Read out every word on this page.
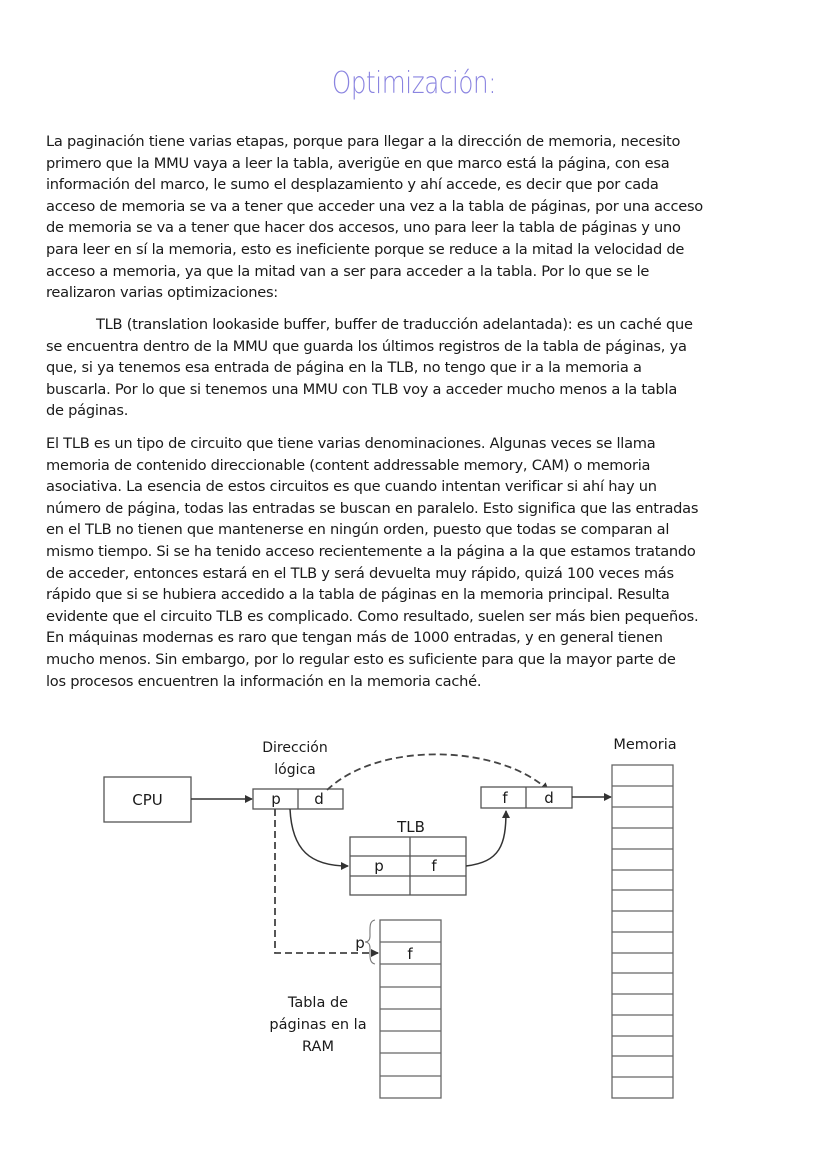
Optimización:
La paginación tiene varias etapas, porque para llegar a la dirección de memoria, necesito
primero que la MMU vaya a leer la tabla, averigüe en que marco está la página, con esa
información del marco, le sumo el desplazamiento y ahí accede, es decir que por cada
acceso de memoria se va a tener que acceder una vez a la tabla de páginas, por una acceso
de memoria se va a tener que hacer dos accesos, uno para leer la tabla de páginas y uno
para leer en sí la memoria, esto es ineficiente porque se reduce a la mitad la velocidad de
acceso a memoria, ya que la mitad van a ser para acceder a la tabla. Por lo que se le
realizaron varias optimizaciones:
TLB (translation lookaside buffer, buffer de traducción adelantada): es un caché que
se encuentra dentro de la MMU que guarda los últimos registros de la tabla de páginas, ya
que, si ya tenemos esa entrada de página en la TLB, no tengo que ir a la memoria a
buscarla. Por lo que si tenemos una MMU con TLB voy a acceder mucho menos a la tabla
de páginas.
El TLB es un tipo de circuito que tiene varias denominaciones. Algunas veces se llama
memoria de contenido direccionable (content addressable memory, CAM) o memoria
asociativa. La esencia de estos circuitos es que cuando intentan verificar si ahí hay un
número de página, todas las entradas se buscan en paralelo. Esto significa que las entradas
en el TLB no tienen que mantenerse en ningún orden, puesto que todas se comparan al
mismo tiempo. Si se ha tenido acceso recientemente a la página a la que estamos tratando
de acceder, entonces estará en el TLB y será devuelta muy rápido, quizá 100 veces más
rápido que si se hubiera accedido a la tabla de páginas en la memoria principal. Resulta
evidente que el circuito TLB es complicado. Como resultado, suelen ser más bien pequeños.
En máquinas modernas es raro que tengan más de 1000 entradas, y en general tienen
mucho menos. Sin embargo, por lo regular esto es suficiente para que la mayor parte de
los procesos encuentren la información en la memoria caché.
CPU
Dirección
lógica
p d
TLB
p	f
f d
Memoria
p
f
Tabla de
páginas en la
RAM
